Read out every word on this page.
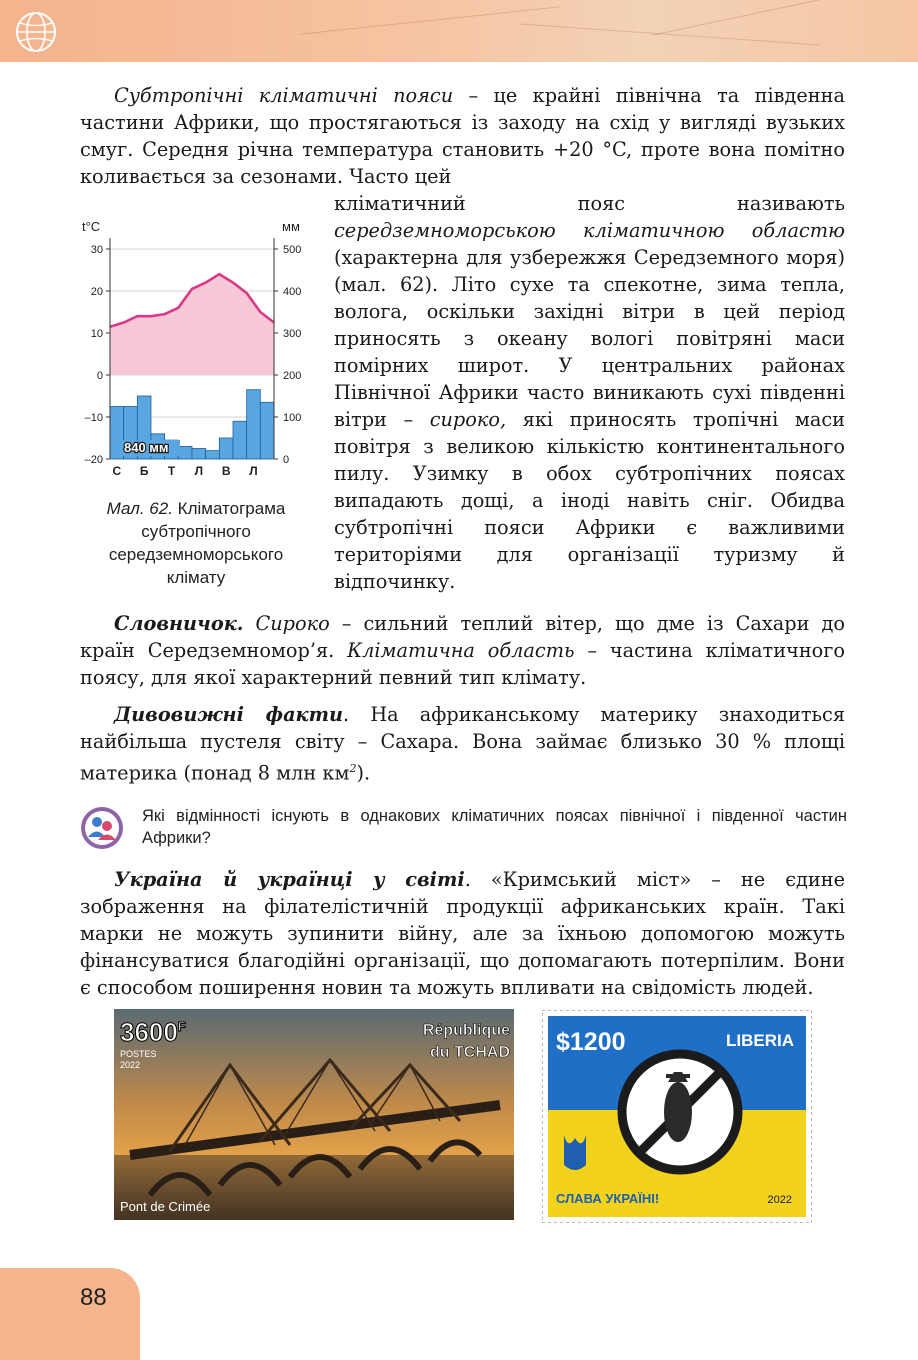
Субтропічні кліматичні пояси – це крайні північна та південна частини Африки, що простягаються із заходу на схід у вигляді вузьких смуг. Середня річна температура становить +20 °C, проте вона помітно коливається за сезонами. Часто цей

кліматичний пояс називають середземноморською кліматичною областю (характерна для узбережжя Середземного моря) (мал. 62). Літо сухе та спекотне, зима тепла, волога, оскільки західні вітри в цей період приносять з океану вологі повітряні маси помірних широт. У центральних районах Північної Африки часто виникають сухі південні вітри – сироко, які приносять тропічні маси повітря з великою кількістю континентального пилу. Узимку в обох субтропічних поясах випадають дощі, а іноді навіть сніг. Обидва субтропічні пояси Африки є важливими територіями для організації туризму й відпочинку.

t°C	мм
30	500
20	400
10	300
0	200
–10	100
–20	0
840 мм
С Б Т Л В Л
Мал. 62. Кліматограма субтропічного середземноморського клімату

Словничок. Сироко – сильний теплий вітер, що дме із Сахари до країн Середземномор’я. Кліматична область – частина кліматичного поясу, для якої характерний певний тип клімату.

Дивовижні факти. На африканському материку знаходиться найбільша пустеля світу – Сахара. Вона займає близько 30 % площі материка (понад 8 млн $км^2$).

Які відмінності існують в однакових кліматичних поясах північної і південної частин Африки?

Україна й українці у світі. «Кримський міст» – не єдине зображення на філателістичній продукції африканських країн. Такі марки не можуть зупинити війну, але за їхньою допомогою можуть фінансуватися благодійні організації, що допомагають потерпілим. Вони є способом поширення новин та можуть впливати на свідомість людей.

$3600^F$
POSTES
2022
République
du TCHAD
Pont de Crimée
$1200	LIBERIA
СЛАВА УКРАЇНІ!	2022
88
